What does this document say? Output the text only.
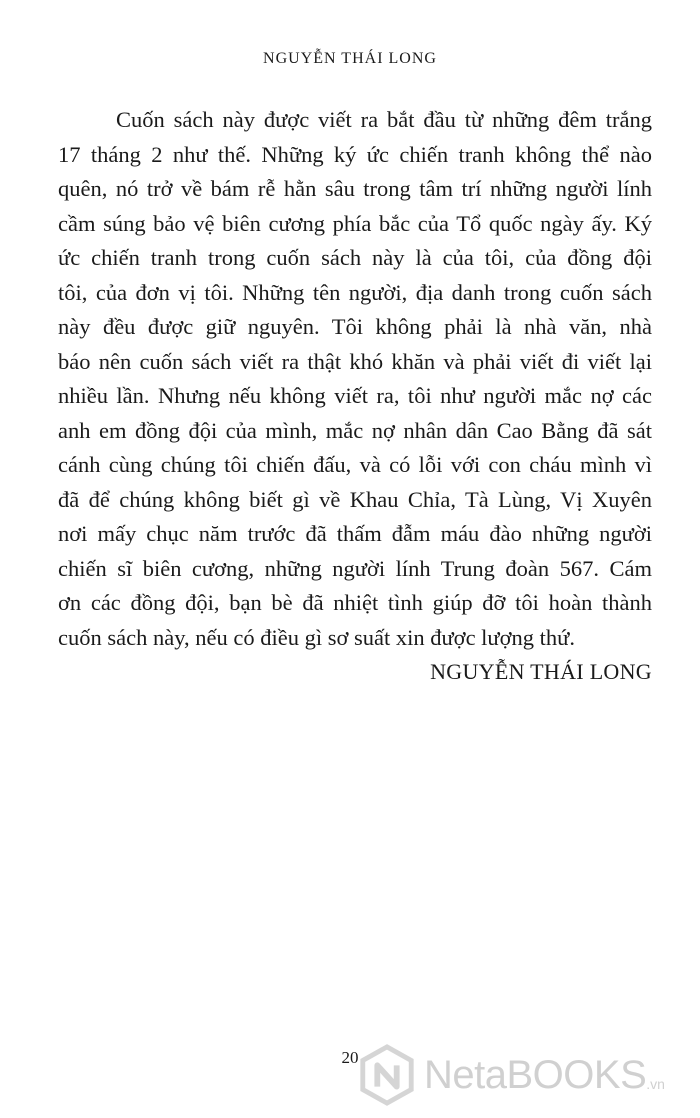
NGUYỄN THÁI LONG
Cuốn sách này được viết ra bắt đầu từ những đêm trắng
17 tháng 2 như thế. Những ký ức chiến tranh không thể nào
quên, nó trở về bám rễ hằn sâu trong tâm trí những người lính
cầm súng bảo vệ biên cương phía bắc của Tổ quốc ngày ấy. Ký
ức chiến tranh trong cuốn sách này là của tôi, của đồng đội
tôi, của đơn vị tôi. Những tên người, địa danh trong cuốn sách
này đều được giữ nguyên. Tôi không phải là nhà văn, nhà
báo nên cuốn sách viết ra thật khó khăn và phải viết đi viết lại
nhiều lần. Nhưng nếu không viết ra, tôi như người mắc nợ các
anh em đồng đội của mình, mắc nợ nhân dân Cao Bằng đã sát
cánh cùng chúng tôi chiến đấu, và có lỗi với con cháu mình vì
đã để chúng không biết gì về Khau Chỉa, Tà Lùng, Vị Xuyên
nơi mấy chục năm trước đã thấm đẫm máu đào những người
chiến sĩ biên cương, những người lính Trung đoàn 567. Cám
ơn các đồng đội, bạn bè đã nhiệt tình giúp đỡ tôi hoàn thành
cuốn sách này, nếu có điều gì sơ suất xin được lượng thứ.
NGUYỄN THÁI LONG
20	NetaBOOKS .vn
